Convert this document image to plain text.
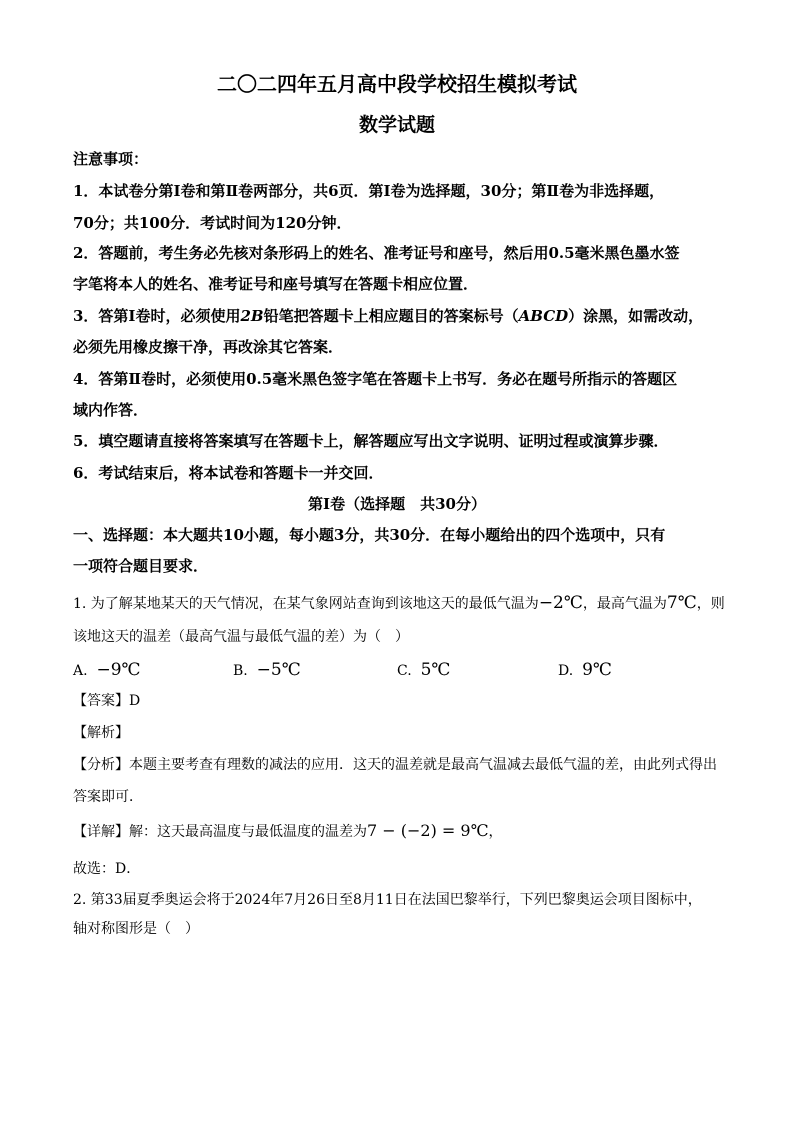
二〇二四年五月高中段学校招生模拟考试
数学试题
注意事项：
1．本试卷分第Ⅰ卷和第Ⅱ卷两部分，共6页．第Ⅰ卷为选择题，30分；第Ⅱ卷为非选择题，
70分；共100分．考试时间为120分钟．
2．答题前，考生务必先核对条形码上的姓名、准考证号和座号，然后用0.5毫米黑色墨水签
字笔将本人的姓名、准考证号和座号填写在答题卡相应位置．
3．答第Ⅰ卷时，必须使用2B铅笔把答题卡上相应题目的答案标号（ABCD）涂黑，如需改动，
必须先用橡皮擦干净，再改涂其它答案．
4．答第Ⅱ卷时，必须使用0.5毫米黑色签字笔在答题卡上书写．务必在题号所指示的答题区
域内作答．
5．填空题请直接将答案填写在答题卡上，解答题应写出文字说明、证明过程或演算步骤．
6．考试结束后，将本试卷和答题卡一并交回．
第Ⅰ卷（选择题　共30分）
一、选择题：本大题共10小题，每小题3分，共30分．在每小题给出的四个选项中，只有
一项符合题目要求．
1. 为了解某地某天的天气情况，在某气象网站查询到该地这天的最低气温为−2℃，最高气温为7℃，则
该地这天的温差（最高气温与最低气温的差）为（　）
A. −9℃	B. −5℃	C. 5℃	D. 9℃
【答案】D
【解析】
【分析】本题主要考查有理数的减法的应用．这天的温差就是最高气温减去最低气温的差，由此列式得出
答案即可．
【详解】解：这天最高温度与最低温度的温差为7 − (−2) = 9℃，
故选：D．
2. 第33届夏季奥运会将于2024年7月26日至8月11日在法国巴黎举行，下列巴黎奥运会项目图标中，
轴对称图形是（　）
